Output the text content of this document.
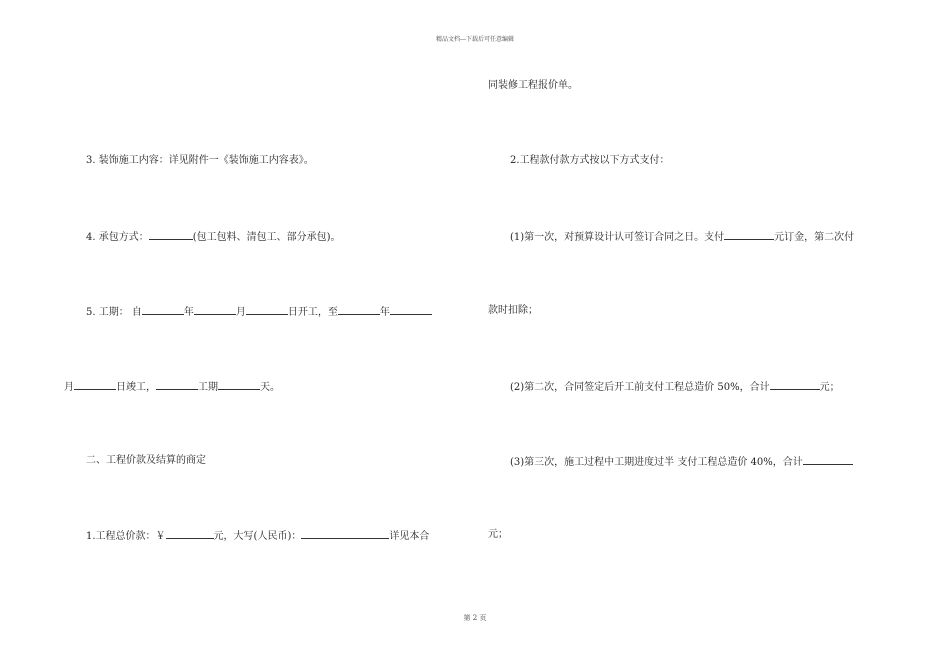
精品文档---下载后可任意编辑
3. 装饰施工内容：详见附件一《装饰施工内容表》。
4. 承包方式：	(包工包料、清包工、部分承包)。
5. 工期： 自	年	月	日开工，至	年
月	日竣工，	工期	天。
二、工程价款及结算的商定
1.工程总价款：￥	元，大写(人民币)：	详见本合
同装修工程报价单。
2.工程款付款方式按以下方式支付：
(1)第一次，对预算设计认可签订合同之日。支付	元订金，第二次付
款时扣除；
(2)第二次，合同签定后开工前支付工程总造价 50%，合计	元；
(3)第三次，施工过程中工期进度过半 支付工程总造价 40%，合计
元；
第 2 页
